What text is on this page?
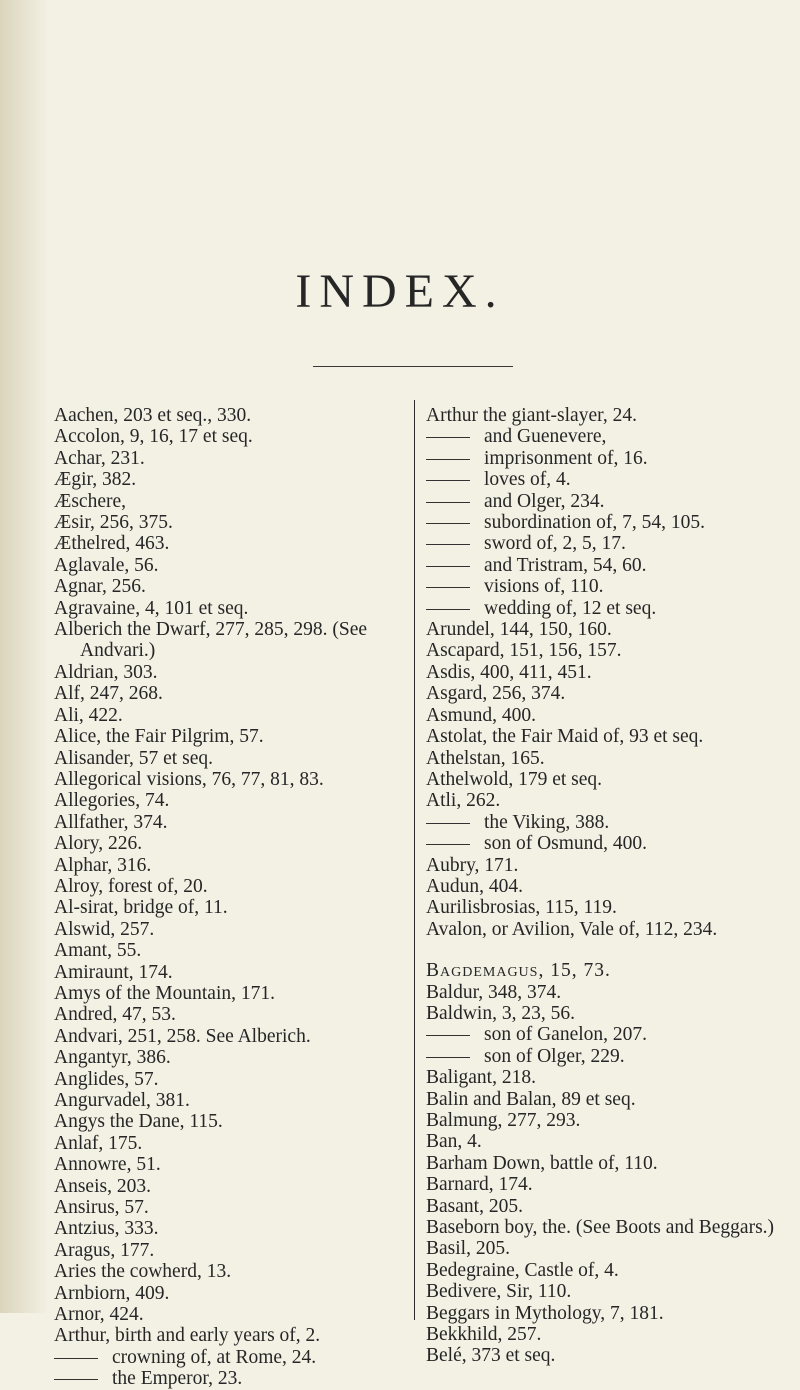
INDEX.
Aachen, 203 et seq., 330.
Accolon, 9, 16, 17 et seq.
Achar, 231.
Ægir, 382.
Æschere,
Æsir, 256, 375.
Æthelred, 463.
Aglavale, 56.
Agnar, 256.
Agravaine, 4, 101 et seq.
Alberich the Dwarf, 277, 285, 298. (See Andvari.)
Aldrian, 303.
Alf, 247, 268.
Ali, 422.
Alice, the Fair Pilgrim, 57.
Alisander, 57 et seq.
Allegorical visions, 76, 77, 81, 83.
Allegories, 74.
Allfather, 374.
Alory, 226.
Alphar, 316.
Alroy, forest of, 20.
Al-sirat, bridge of, 11.
Alswid, 257.
Amant, 55.
Amiraunt, 174.
Amys of the Mountain, 171.
Andred, 47, 53.
Andvari, 251, 258. See Alberich.
Angantyr, 386.
Anglides, 57.
Angurvadel, 381.
Angys the Dane, 115.
Anlaf, 175.
Annowre, 51.
Anseis, 203.
Ansirus, 57.
Antzius, 333.
Aragus, 177.
Aries the cowherd, 13.
Arnbiorn, 409.
Arnor, 424.
Arthur, birth and early years of, 2.
crowning of, at Rome, 24.
the Emperor, 23.
Arthur the giant-slayer, 24.
and Guenevere,
imprisonment of, 16.
loves of, 4.
and Olger, 234.
subordination of, 7, 54, 105.
sword of, 2, 5, 17.
and Tristram, 54, 60.
visions of, 110.
wedding of, 12 et seq.
Arundel, 144, 150, 160.
Ascapard, 151, 156, 157.
Asdis, 400, 411, 451.
Asgard, 256, 374.
Asmund, 400.
Astolat, the Fair Maid of, 93 et seq.
Athelstan, 165.
Athelwold, 179 et seq.
Atli, 262.
the Viking, 388.
son of Osmund, 400.
Aubry, 171.
Audun, 404.
Aurilisbrosias, 115, 119.
Avalon, or Avilion, Vale of, 112, 234.
Bagdemagus, 15, 73.
Baldur, 348, 374.
Baldwin, 3, 23, 56.
son of Ganelon, 207.
son of Olger, 229.
Baligant, 218.
Balin and Balan, 89 et seq.
Balmung, 277, 293.
Ban, 4.
Barham Down, battle of, 110.
Barnard, 174.
Basant, 205.
Baseborn boy, the. (See Boots and Beggars.)
Basil, 205.
Bedegraine, Castle of, 4.
Bedivere, Sir, 110.
Beggars in Mythology, 7, 181.
Bekkhild, 257.
Belé, 373 et seq.
